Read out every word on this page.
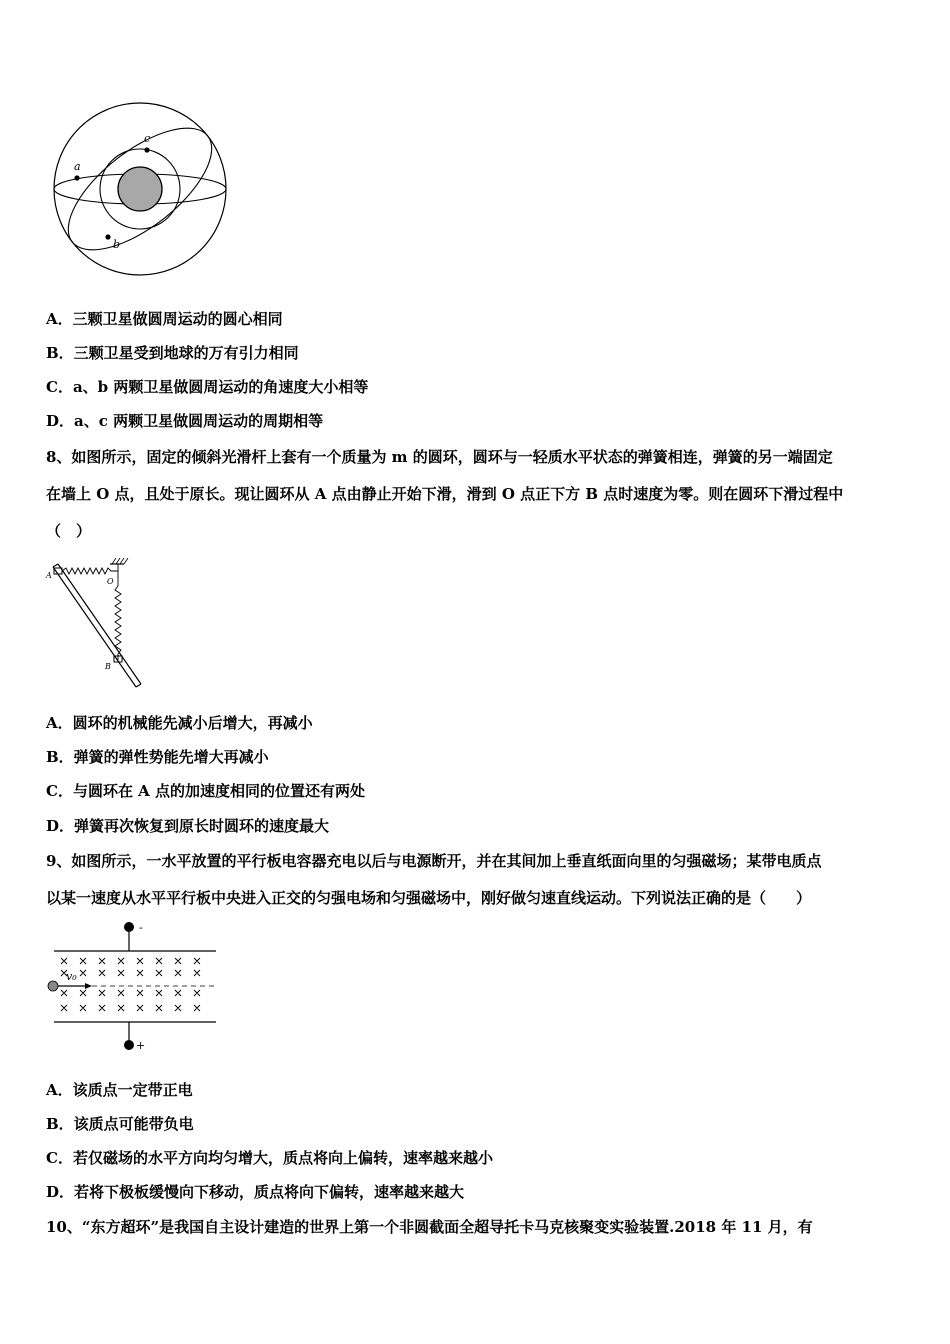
a
b
c
A．三颗卫星做圆周运动的圆心相同
B．三颗卫星受到地球的万有引力相同
C．a、b 两颗卫星做圆周运动的角速度大小相等
D．a、c 两颗卫星做圆周运动的周期相等
8、如图所示，固定的倾斜光滑杆上套有一个质量为 m 的圆环，圆环与一轻质水平状态的弹簧相连，弹簧的另一端固定
在墙上 O 点，且处于原长。现让圆环从 A 点由静止开始下滑，滑到 O 点正下方 B 点时速度为零。则在圆环下滑过程中
（　）
A
O
B
A．圆环的机械能先减小后增大，再减小
B．弹簧的弹性势能先增大再减小
C．与圆环在 A 点的加速度相同的位置还有两处
D．弹簧再次恢复到原长时圆环的速度最大
9、如图所示，一水平放置的平行板电容器充电以后与电源断开，并在其间加上垂直纸面向里的匀强磁场；某带电质点
以某一速度从水平平行板中央进入正交的匀强电场和匀强磁场中，刚好做匀速直线运动。下列说法正确的是（　　）
-
+
v₀
A．该质点一定带正电
B．该质点可能带负电
C．若仅磁场的水平方向均匀增大，质点将向上偏转，速率越来越小
D．若将下极板缓慢向下移动，质点将向下偏转，速率越来越大
10、“东方超环”是我国自主设计建造的世界上第一个非圆截面全超导托卡马克核聚变实验装置.2018 年 11 月，有
